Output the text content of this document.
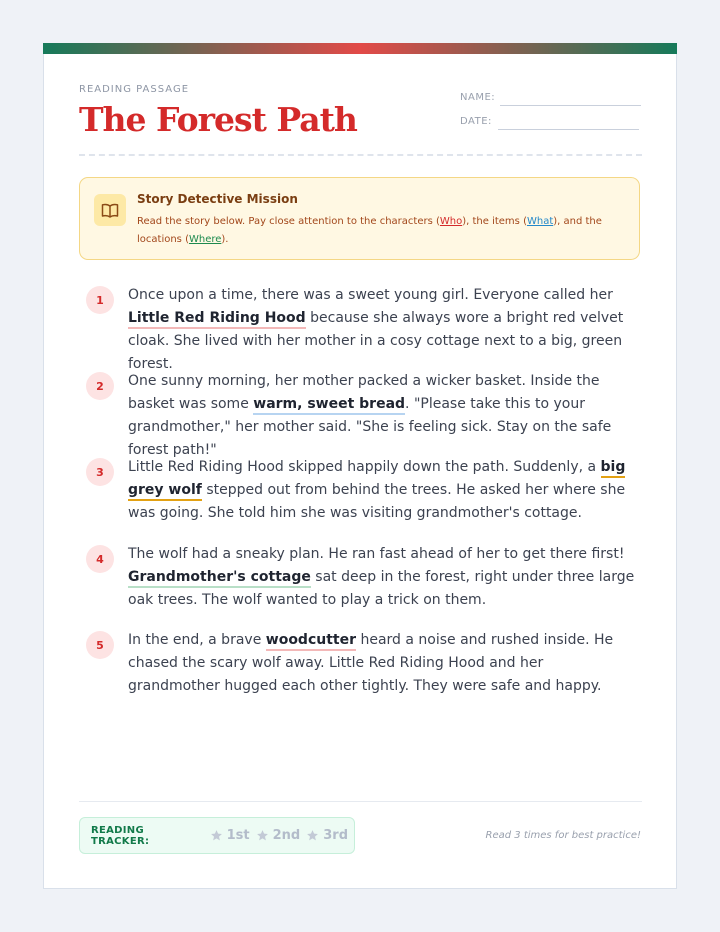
READING PASSAGE
The Forest Path
NAME:
DATE:
Story Detective Mission
Read the story below. Pay close attention to the characters (Who), the items (What), and the locations (Where).
1	Once upon a time, there was a sweet young girl. Everyone called her Little Red Riding Hood because she always wore a bright red velvet cloak. She lived with her mother in a cosy cottage next to a big, green forest.
2	One sunny morning, her mother packed a wicker basket. Inside the basket was some warm, sweet bread. "Please take this to your grandmother," her mother said. "She is feeling sick. Stay on the safe forest path!"
3	Little Red Riding Hood skipped happily down the path. Suddenly, a big grey wolf stepped out from behind the trees. He asked her where she was going. She told him she was visiting grandmother's cottage.
4	The wolf had a sneaky plan. He ran fast ahead of her to get there first! Grandmother's cottage sat deep in the forest, right under three large oak trees. The wolf wanted to play a trick on them.
5	In the end, a brave woodcutter heard a noise and rushed inside. He chased the scary wolf away. Little Red Riding Hood and her grandmother hugged each other tightly. They were safe and happy.
READING TRACKER:	1st 2nd 3rd	Read 3 times for best practice!
